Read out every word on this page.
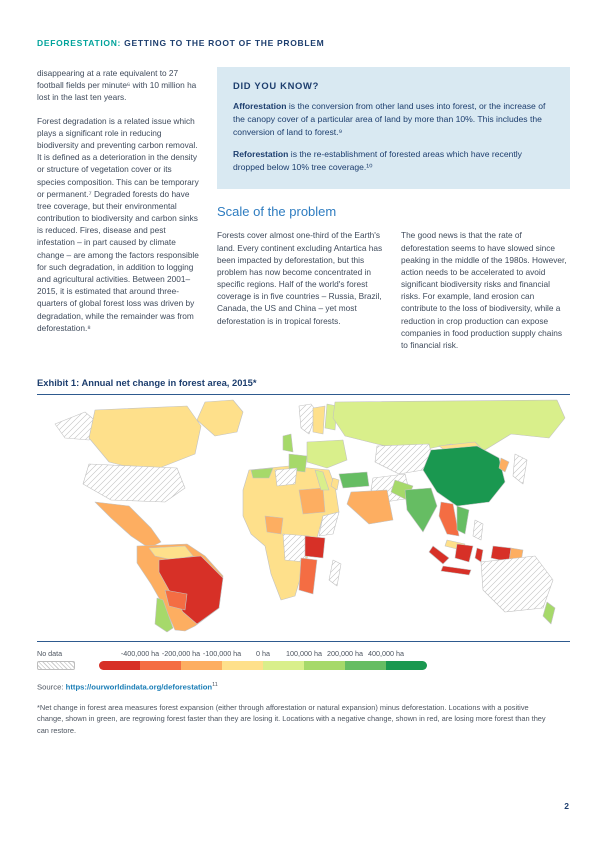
DEFORESTATION: GETTING TO THE ROOT OF THE PROBLEM

disappearing at a rate equivalent to 27 football fields per minute⁶ with 10 million ha lost in the last ten years.

Forest degradation is a related issue which plays a significant role in reducing biodiversity and preventing carbon removal. It is defined as a deterioration in the density or structure of vegetation cover or its species composition. This can be temporary or permanent.⁷ Degraded forests do have tree coverage, but their environmental contribution to biodiversity and carbon sinks is reduced. Fires, disease and pest infestation – in part caused by climate change – are among the factors responsible for such degradation, in addition to logging and agricultural activities. Between 2001–2015, it is estimated that around three-quarters of global forest loss was driven by degradation, while the remainder was from deforestation.⁸

DID YOU KNOW?

Afforestation is the conversion from other land uses into forest, or the increase of the canopy cover of a particular area of land by more than 10%. This includes the conversion of land to forest.⁹

Reforestation is the re-establishment of forested areas which have recently dropped below 10% tree coverage.¹⁰

Scale of the problem

Forests cover almost one-third of the Earth's land. Every continent excluding Antartica has been impacted by deforestation, but this problem has now become concentrated in specific regions. Half of the world's forest coverage is in five countries – Russia, Brazil, Canada, the US and China – yet most deforestation is in tropical forests.

The good news is that the rate of deforestation seems to have slowed since peaking in the middle of the 1980s. However, action needs to be accelerated to avoid significant biodiversity risks and financial risks. For example, land erosion can contribute to the loss of biodiversity, while a reduction in crop production can expose companies in food production supply chains to financial risk.

Exhibit 1: Annual net change in forest area, 2015*
No data	-400,000 ha -200,000 ha -100,000 ha 0 ha 100,000 ha 200,000 ha 400,000 ha
Source: https://ourworldindata.org/deforestation$^{11}$
*Net change in forest area measures forest expansion (either through afforestation or natural expansion) minus deforestation. Locations with a positive change, shown in green, are regrowing forest faster than they are losing it. Locations with a negative change, shown in red, are losing more forest than they can restore.
2
